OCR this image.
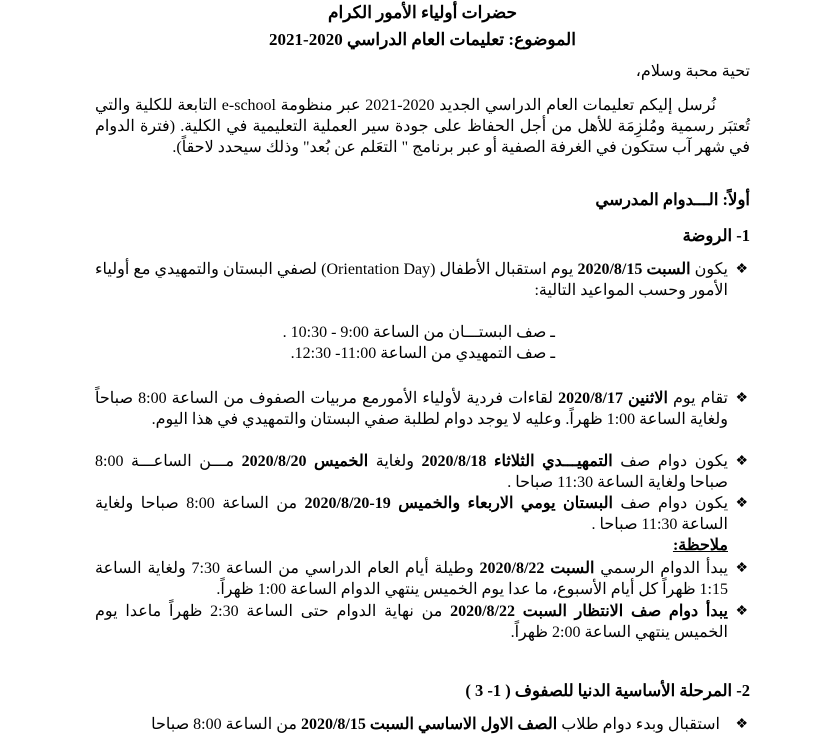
حضرات أولياء الأمور الكرام
الموضوع: تعليمات العام الدراسي 2020-2021
تحية محبة وسلام،
نُرسل إليكم تعليمات العام الدراسي الجديد 2020-2021 عبر منظومة e-school التابعة للكلية والتي تُعتبَر رسمية ومُلزِمَة للأهل من أجل الحفاظ على جودة سير العملية التعليمية في الكلية. (فترة الدوام في شهر آب ستكون في الغرفة الصفية أو عبر برنامج " التعَلم عن بُعد" وذلك سيحدد لاحقاً).
أولاً: الـــدوام المدرسي
1- الروضة
❖
يكون السبت 2020/8/15 يوم استقبال الأطفال (Orientation Day) لصفي البستان والتمهيدي مع أولياء الأمور وحسب المواعيد التالية:
ـ صف البستـــان من الساعة 9:00 - 10:30 .
ـ صف التمهيدي من الساعة 11:00- 12:30.
❖
تقام يوم الاثنين 2020/8/17 لقاءات فردية لأولياء الأمورمع مربيات الصفوف من الساعة 8:00 صباحاً ولغاية الساعة 1:00 ظهراً. وعليه لا يوجد دوام لطلبة صفي البستان والتمهيدي في هذا اليوم.
❖
يكون دوام صف التمهيـــدي الثلاثاء 2020/8/18 ولغاية الخميس 2020/8/20 مـــن الساعـــة 8:00 صباحا ولغاية الساعة 11:30 صباحا .
❖
يكون دوام صف البستان يومي الاربعاء والخميس 19-2020/8/20 من الساعة 8:00 صباحا ولغاية الساعة 11:30 صباحا .
ملاحظة:
❖
يبدأ الدوام الرسمي السبت 2020/8/22 وطيلة أيام العام الدراسي من الساعة 7:30 ولغاية الساعة 1:15 ظهراً كل أيام الأسبوع، ما عدا يوم الخميس ينتهي الدوام الساعة 1:00 ظهراً.
❖
يبدأ دوام صف الانتظار السبت 2020/8/22 من نهاية الدوام حتى الساعة 2:30 ظهراً ماعدا يوم الخميس ينتهي الساعة 2:00 ظهراً.
2- المرحلة الأساسية الدنيا للصفوف ( 1- 3 )
❖
استقبال وبدء دوام طلاب الصف الاول الاساسي السبت 2020/8/15 من الساعة 8:00 صباحا
